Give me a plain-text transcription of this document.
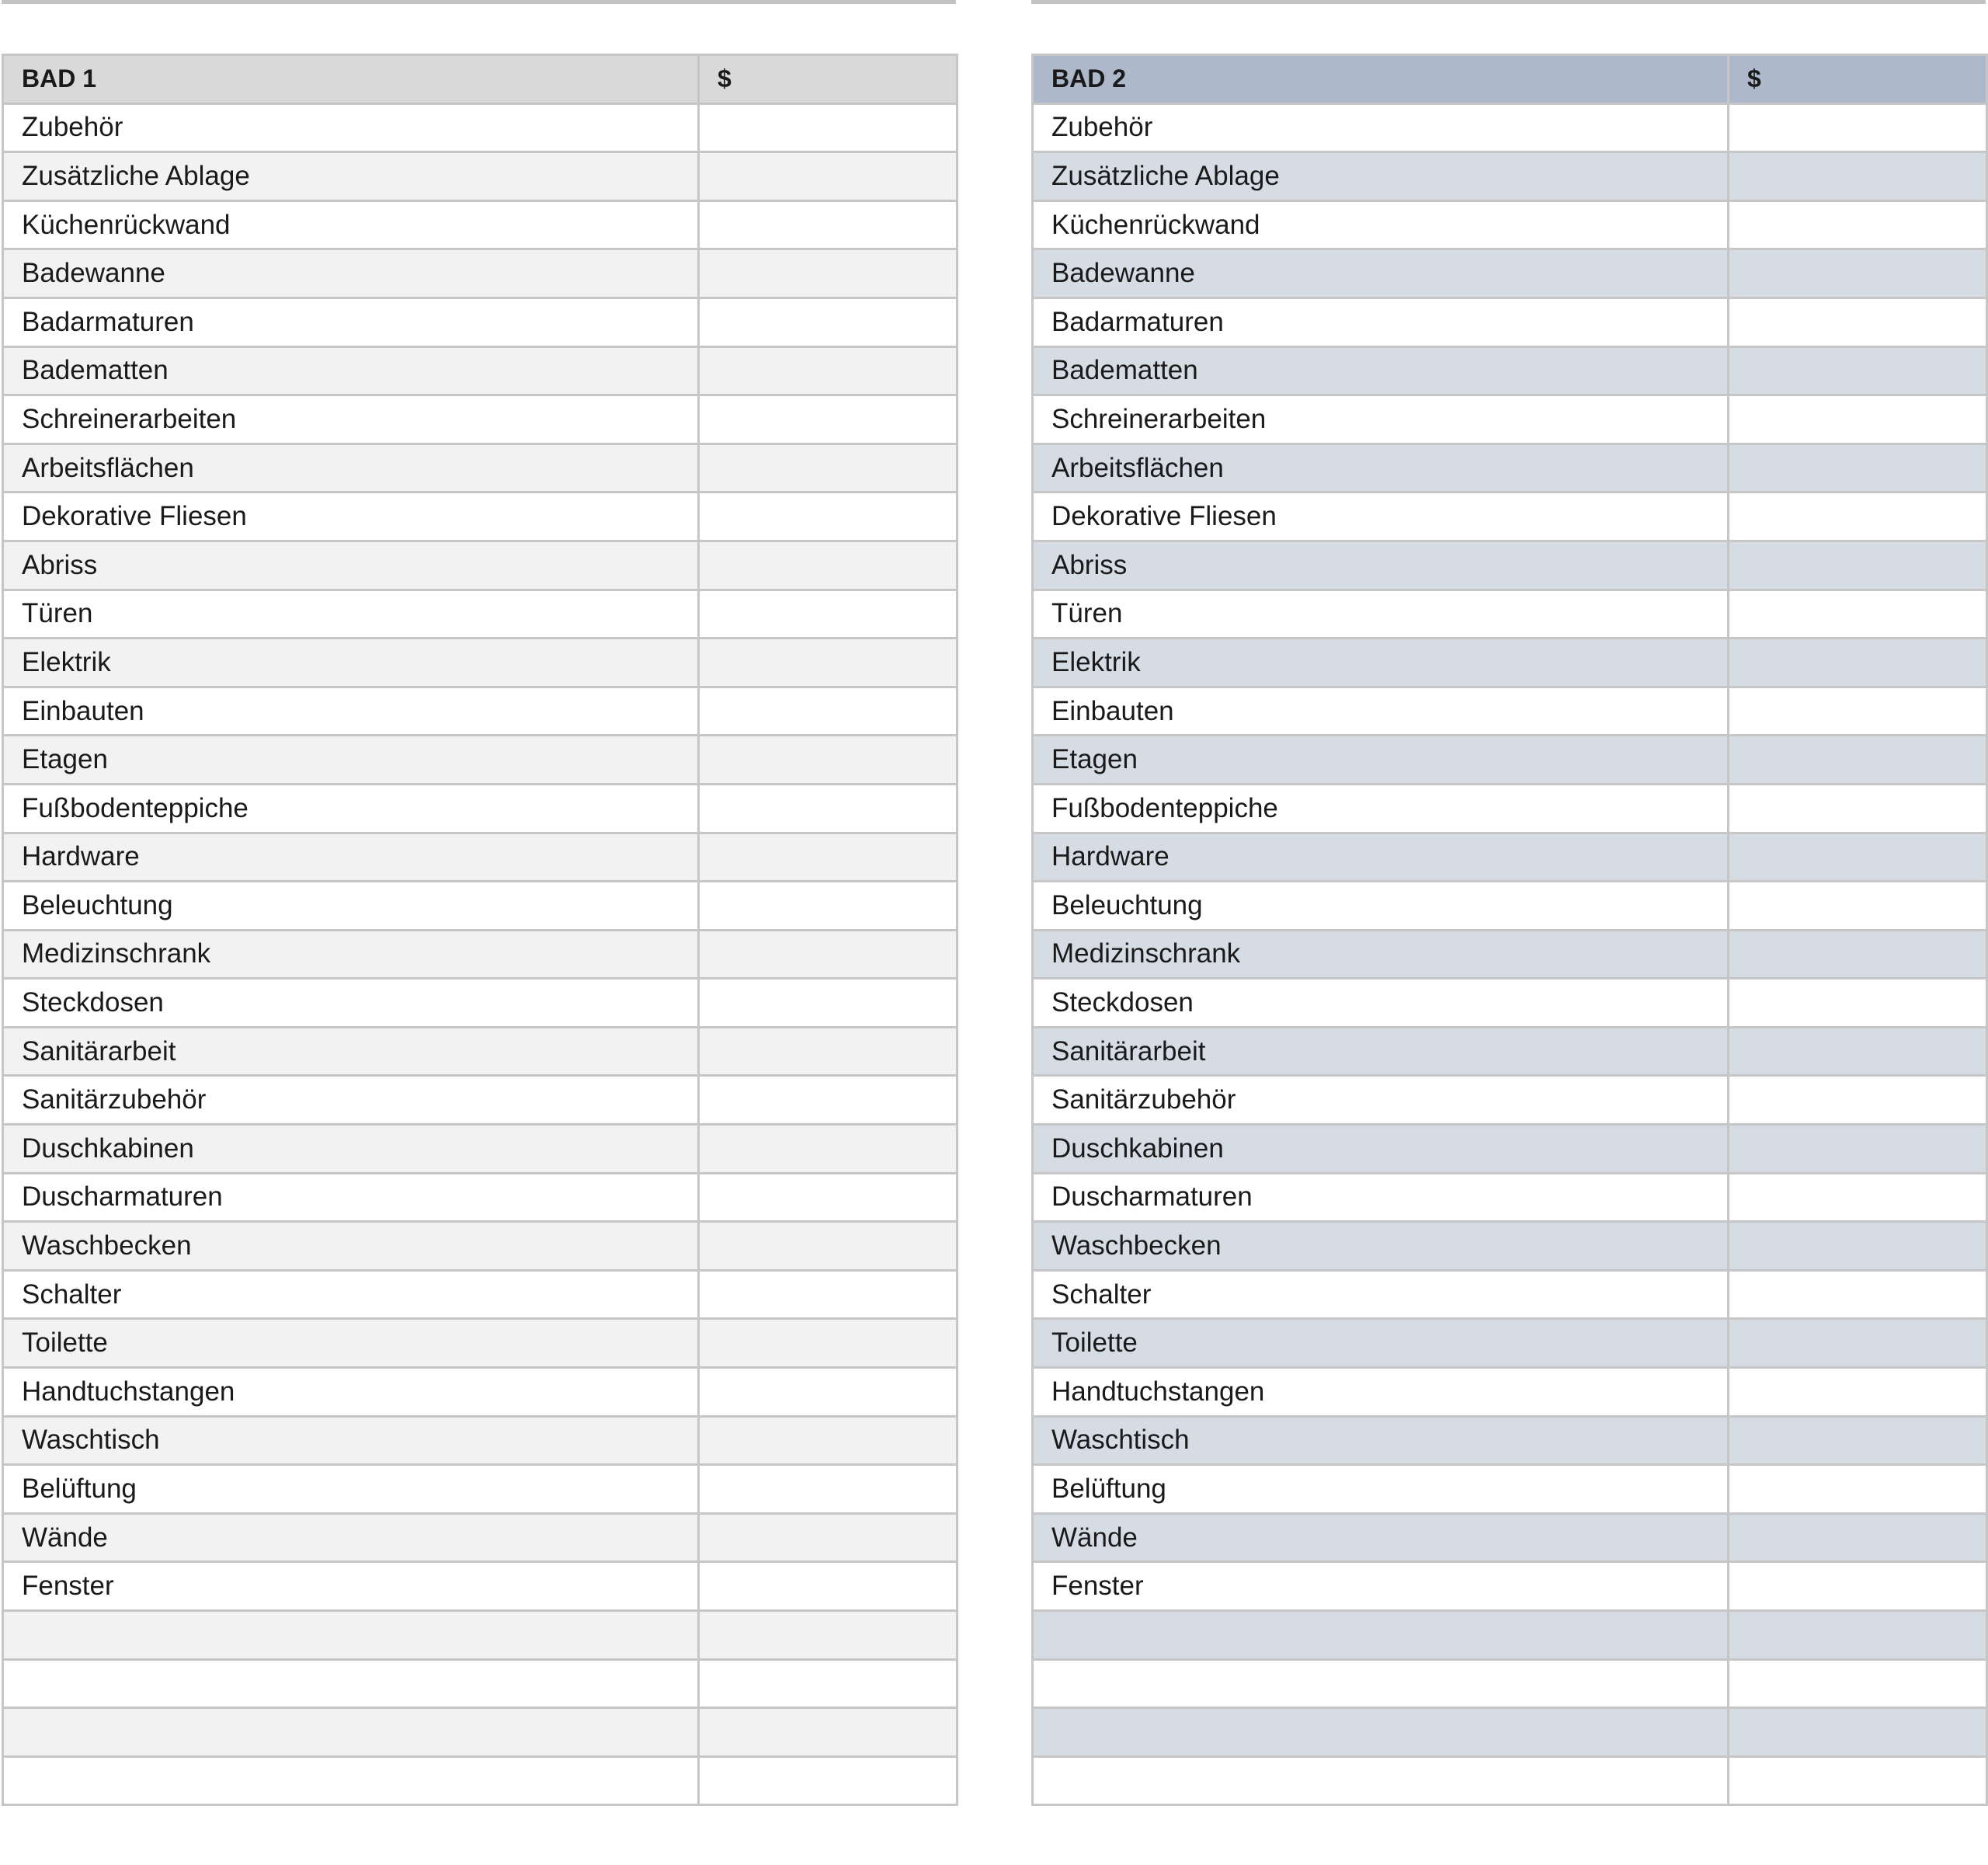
BAD 1	$
Zubehör	
Zusätzliche Ablage	
Küchenrückwand	
Badewanne	
Badarmaturen	
Badematten	
Schreinerarbeiten	
Arbeitsflächen	
Dekorative Fliesen	
Abriss	
Türen	
Elektrik	
Einbauten	
Etagen	
Fußbodenteppiche	
Hardware	
Beleuchtung	
Medizinschrank	
Steckdosen	
Sanitärarbeit	
Sanitärzubehör	
Duschkabinen	
Duscharmaturen	
Waschbecken	
Schalter	
Toilette	
Handtuchstangen	
Waschtisch	
Belüftung	
Wände	
Fenster	

BAD 2	$
Zubehör	
Zusätzliche Ablage	
Küchenrückwand	
Badewanne	
Badarmaturen	
Badematten	
Schreinerarbeiten	
Arbeitsflächen	
Dekorative Fliesen	
Abriss	
Türen	
Elektrik	
Einbauten	
Etagen	
Fußbodenteppiche	
Hardware	
Beleuchtung	
Medizinschrank	
Steckdosen	
Sanitärarbeit	
Sanitärzubehör	
Duschkabinen	
Duscharmaturen	
Waschbecken	
Schalter	
Toilette	
Handtuchstangen	
Waschtisch	
Belüftung	
Wände	
Fenster	
